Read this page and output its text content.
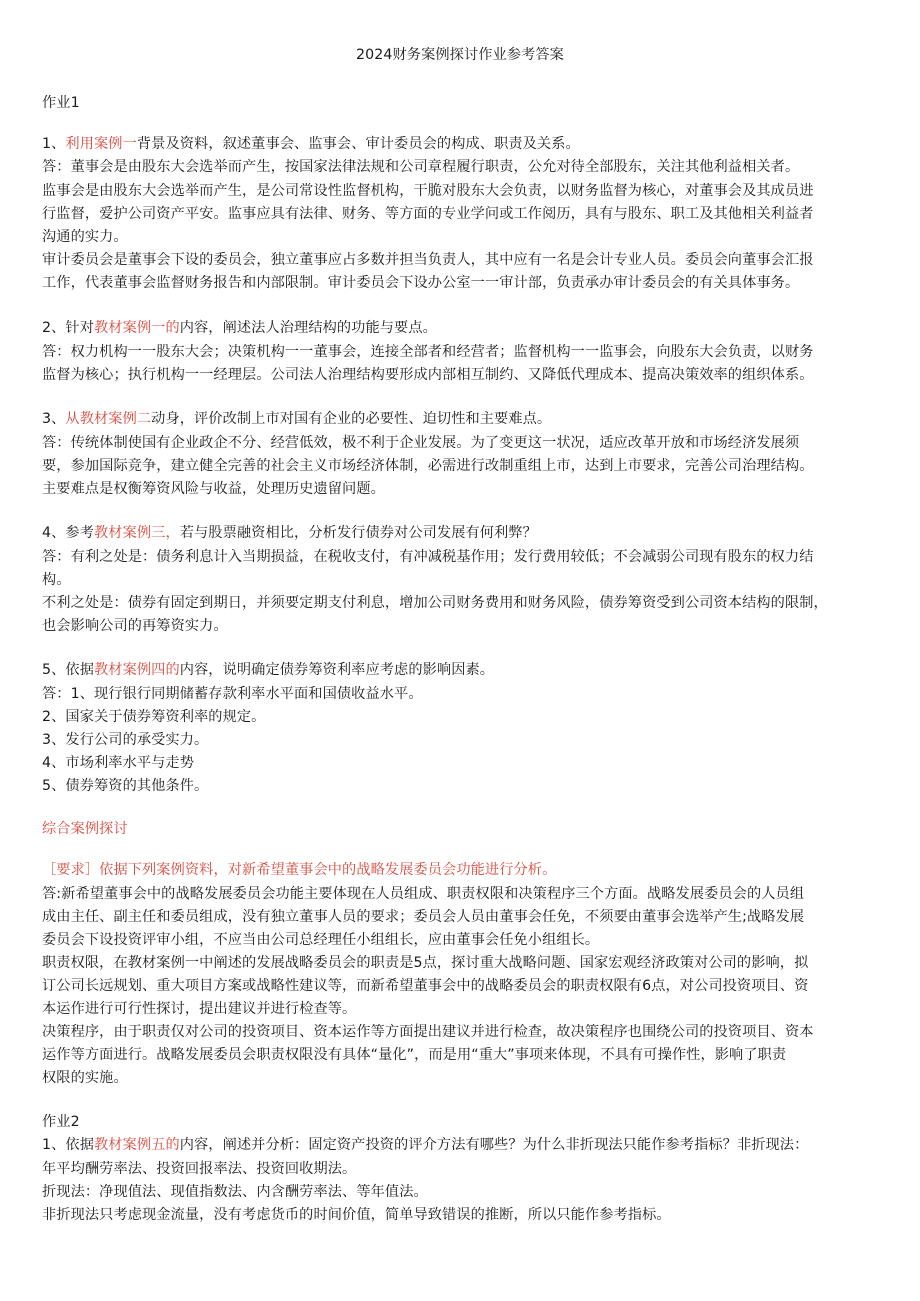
2024财务案例探讨作业参考答案
作业1
1、利用案例一背景及资料，叙述董事会、监事会、审计委员会的构成、职责及关系。
答：董事会是由股东大会选举而产生，按国家法律法规和公司章程履行职责，公允对待全部股东，关注其他利益相关者。
监事会是由股东大会选举而产生，是公司常设性监督机构，干脆对股东大会负责，以财务监督为核心，对董事会及其成员进
行监督，爱护公司资产平安。监事应具有法律、财务、等方面的专业学问或工作阅历，具有与股东、职工及其他相关利益者
沟通的实力。
审计委员会是董事会下设的委员会，独立董事应占多数并担当负责人，其中应有一名是会计专业人员。委员会向董事会汇报
工作，代表董事会监督财务报告和内部限制。审计委员会下设办公室一一审计部，负责承办审计委员会的有关具体事务。
2、针对教材案例一的内容，阐述法人治理结构的功能与要点。
答：权力机构一一股东大会；决策机构一一董事会，连接全部者和经营者；监督机构一一监事会，向股东大会负责，以财务
监督为核心；执行机构一一经理层。公司法人治理结构要形成内部相互制约、又降低代理成本、提高决策效率的组织体系。
3、从教材案例二动身，评价改制上市对国有企业的必要性、迫切性和主要难点。
答：传统体制使国有企业政企不分、经营低效，极不利于企业发展。为了变更这一状况，适应改革开放和市场经济发展须
要，参加国际竞争，建立健全完善的社会主义市场经济体制，必需进行改制重组上市，达到上市要求，完善公司治理结构。
主要难点是权衡筹资风险与收益，处理历史遗留问题。
4、参考教材案例三，若与股票融资相比，分析发行债券对公司发展有何利弊？
答：有利之处是：债务利息计入当期损益，在税收支付，有冲减税基作用；发行费用较低；不会减弱公司现有股东的权力结
构。
不利之处是：债券有固定到期日，并须要定期支付利息，增加公司财务费用和财务风险，债券筹资受到公司资本结构的限制，
也会影响公司的再筹资实力。
5、依据教材案例四的内容，说明确定债券筹资利率应考虑的影响因素。
答：1、现行银行同期储蓄存款利率水平面和国债收益水平。
2、国家关于债券筹资利率的规定。
3、发行公司的承受实力。
4、市场利率水平与走势
5、债券筹资的其他条件。
综合案例探讨
［要求］依据下列案例资料，对新希望董事会中的战略发展委员会功能进行分析。
答:新希望董事会中的战略发展委员会功能主要体现在人员组成、职责权限和决策程序三个方面。战略发展委员会的人员组
成由主任、副主任和委员组成，没有独立董事人员的要求；委员会人员由董事会任免，不须要由董事会选举产生;战略发展
委员会下设投资评审小组，不应当由公司总经理任小组组长，应由董事会任免小组组长。
职责权限，在教材案例一中阐述的发展战略委员会的职责是5点，探讨重大战略问题、国家宏观经济政策对公司的影响，拟
订公司长远规划、重大项目方案或战略性建议等，而新希望董事会中的战略委员会的职责权限有6点，对公司投资项目、资
本运作进行可行性探讨，提出建议并进行检查等。
决策程序，由于职责仅对公司的投资项目、资本运作等方面提出建议并进行检查，故决策程序也围绕公司的投资项目、资本
运作等方面进行。战略发展委员会职责权限没有具体“量化”，而是用“重大”事项来体现，不具有可操作性，影响了职责
权限的实施。
作业2
1、依据教材案例五的内容，阐述并分析：固定资产投资的评介方法有哪些？为什么非折现法只能作参考指标？非折现法：
年平均酬劳率法、投资回报率法、投资回收期法。
折现法：净现值法、现值指数法、内含酬劳率法、等年值法。
非折现法只考虑现金流量，没有考虑货币的时间价值，简单导致错误的推断，所以只能作参考指标。
